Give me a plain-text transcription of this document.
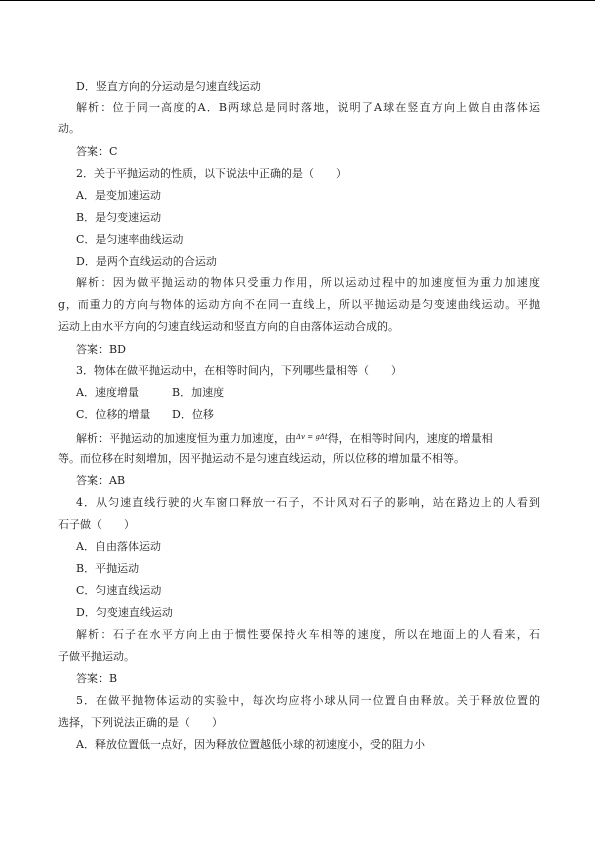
D．竖直方向的分运动是匀速直线运动
解析：位于同一高度的A．B两球总是同时落地，说明了A球在竖直方向上做自由落体运
动。
答案：C
2．关于平抛运动的性质，以下说法中正确的是（　　）
A．是变加速运动
B．是匀变速运动
C．是匀速率曲线运动
D．是两个直线运动的合运动
解析：因为做平抛运动的物体只受重力作用，所以运动过程中的加速度恒为重力加速度
g，而重力的方向与物体的运动方向不在同一直线上，所以平抛运动是匀变速曲线运动。平抛
运动上由水平方向的匀速直线运动和竖直方向的自由落体运动合成的。
答案：BD
3．物体在做平抛运动中，在相等时间内，下列哪些量相等（　　）
A．速度增量	B．加速度
C．位移的增量 D．位移
解析：平抛运动的加速度恒为重力加速度，由$^{\Delta v = g\Delta t}$得，在相等时间内，速度的增量相
等。而位移在时刻增加，因平抛运动不是匀速直线运动，所以位移的增加量不相等。
答案：AB
4．从匀速直线行驶的火车窗口释放一石子，不计风对石子的影响，站在路边上的人看到
石子做（　　）
A．自由落体运动
B．平抛运动
C．匀速直线运动
D．匀变速直线运动
解析：石子在水平方向上由于惯性要保持火车相等的速度，所以在地面上的人看来，石
子做平抛运动。
答案：B
5．在做平抛物体运动的实验中，每次均应将小球从同一位置自由释放。关于释放位置的
选择，下列说法正确的是（　　）
A．释放位置低一点好，因为释放位置越低小球的初速度小，受的阻力小
